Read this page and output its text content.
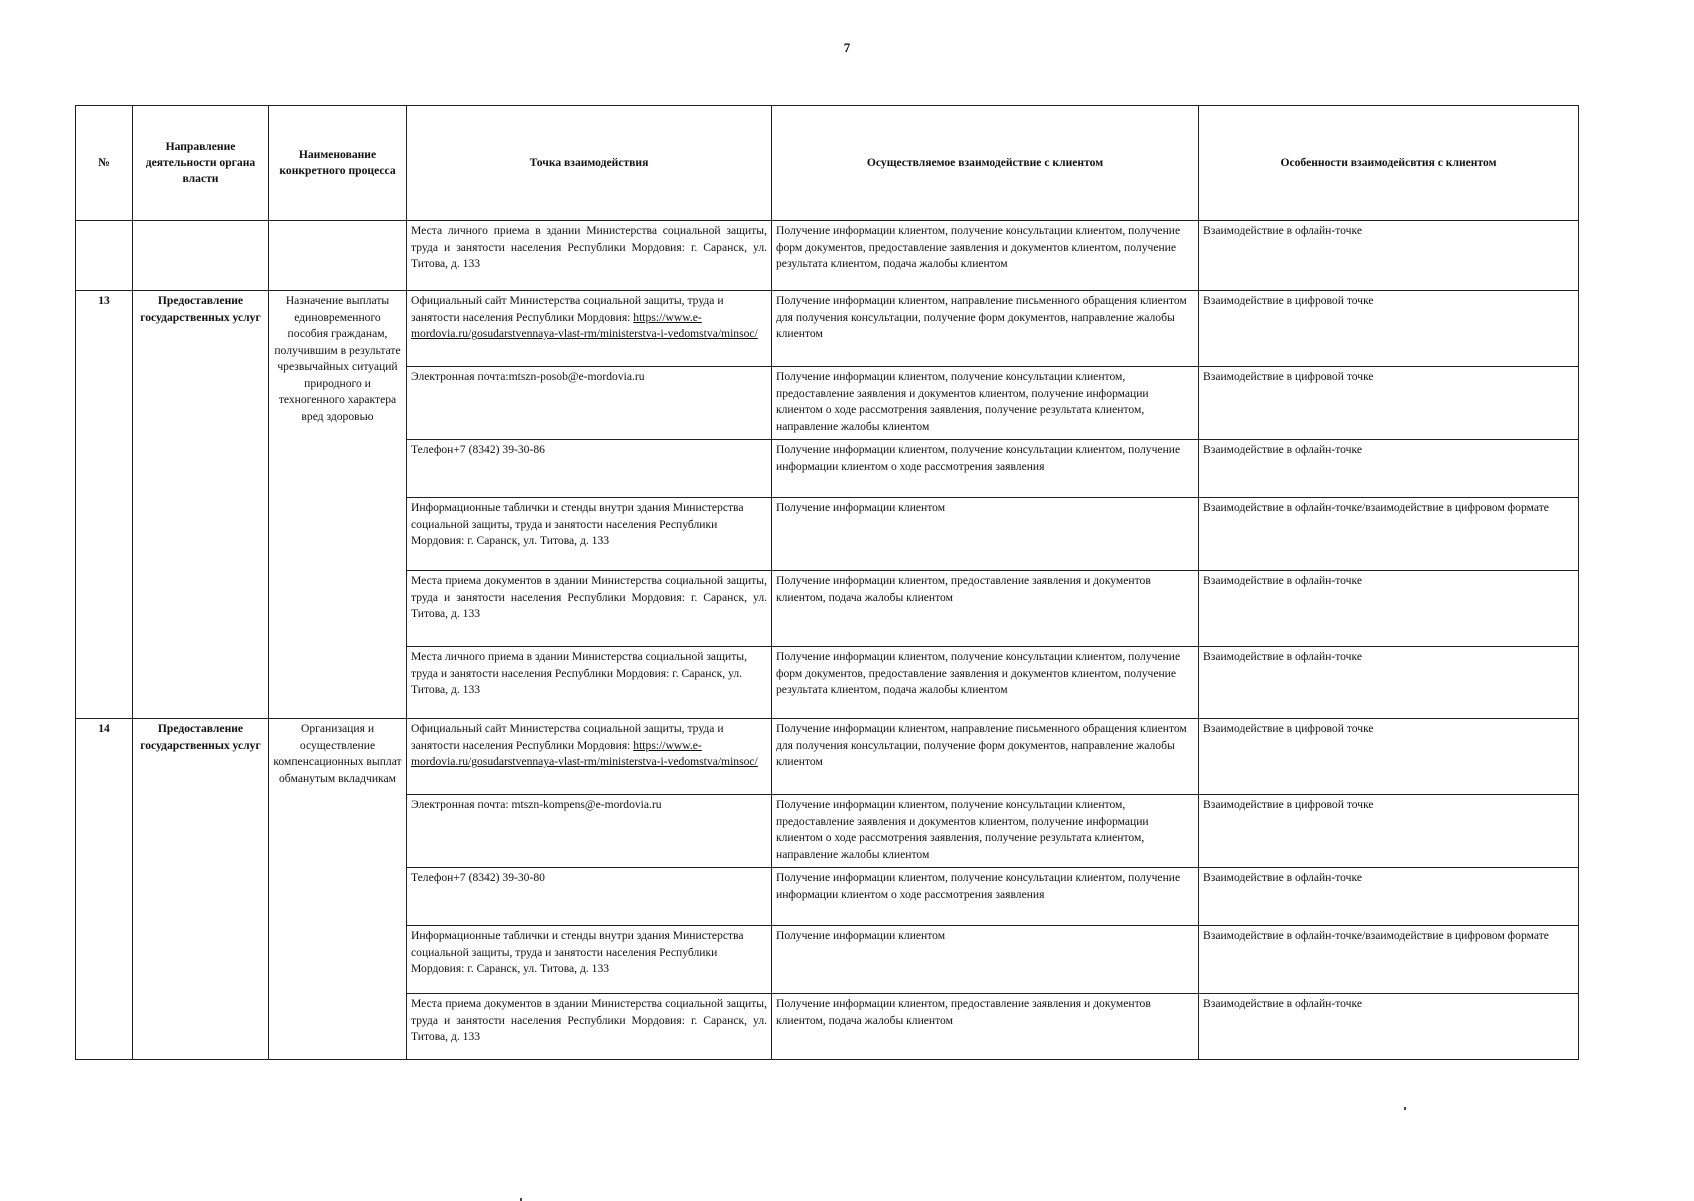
7
№	Направление деятельности органа власти	Наименование конкретного процесса	Точка взаимодействия	Осуществляемое взаимодействие с клиентом	Особенности взаимодейсвтия с клиентом
			Места личного приема в здании Министерства социальной защиты, труда и занятости населения Республики Мордовия: г. Саранск, ул. Титова, д. 133	Получение информации клиентом, получение консультации клиентом, получение форм документов, предоставление заявления и документов клиентом, получение результата клиентом, подача жалобы клиентом	Взаимодействие в офлайн-точке
13	Предоставление государственных услуг	Назначение выплаты единовременного пособия гражданам, получившим в результате чрезвычайных ситуаций природного и техногенного характера вред здоровью	Официальный сайт Министерства социальной защиты, труда и занятости населения Республики Мордовия: https://www.e-mordovia.ru/gosudarstvennaya-vlast-rm/ministerstva-i-vedomstva/minsoc/	Получение информации клиентом, направление письменного обращения клиентом для получения консультации, получение форм документов, направление жалобы клиентом	Взаимодействие в цифровой точке
			Электронная почта:mtszn-posob@e-mordovia.ru	Получение информации клиентом, получение консультации клиентом, предоставление заявления и документов клиентом, получение информации клиентом о ходе рассмотрения заявления, получение результата клиентом, направление жалобы клиентом	Взаимодействие в цифровой точке
			Телефон+7 (8342) 39-30-86	Получение информации клиентом, получение консультации клиентом, получение информации клиентом о ходе рассмотрения заявления	Взаимодействие в офлайн-точке
			Информационные таблички и стенды внутри здания Министерства социальной защиты, труда и занятости населения Республики Мордовия: г. Саранск, ул. Титова, д. 133	Получение информации клиентом	Взаимодействие в офлайн-точке/взаимодействие в цифровом формате
			Места приема документов в здании Министерства социальной защиты, труда и занятости населения Республики Мордовия: г. Саранск, ул. Титова, д. 133	Получение информации клиентом, предоставление заявления и документов клиентом, подача жалобы клиентом	Взаимодействие в офлайн-точке
			Места личного приема в здании Министерства социальной защиты, труда и занятости населения Республики Мордовия: г. Саранск, ул. Титова, д. 133	Получение информации клиентом, получение консультации клиентом, получение форм документов, предоставление заявления и документов клиентом, получение результата клиентом, подача жалобы клиентом	Взаимодействие в офлайн-точке
14	Предоставление государственных услуг	Организация и осуществление компенсационных выплат обманутым вкладчикам	Официальный сайт Министерства социальной защиты, труда и занятости населения Республики Мордовия: https://www.e-mordovia.ru/gosudarstvennaya-vlast-rm/ministerstva-i-vedomstva/minsoc/	Получение информации клиентом, направление письменного обращения клиентом для получения консультации, получение форм документов, направление жалобы клиентом	Взаимодействие в цифровой точке
			Электронная почта: mtszn-kompens@e-mordovia.ru	Получение информации клиентом, получение консультации клиентом, предоставление заявления и документов клиентом, получение информации клиентом о ходе рассмотрения заявления, получение результата клиентом, направление жалобы клиентом	Взаимодействие в цифровой точке
			Телефон+7 (8342) 39-30-80	Получение информации клиентом, получение консультации клиентом, получение информации клиентом о ходе рассмотрения заявления	Взаимодействие в офлайн-точке
			Информационные таблички и стенды внутри здания Министерства социальной защиты, труда и занятости населения Республики Мордовия: г. Саранск, ул. Титова, д. 133	Получение информации клиентом	Взаимодействие в офлайн-точке/взаимодействие в цифровом формате
			Места приема документов в здании Министерства социальной защиты, труда и занятости населения Республики Мордовия: г. Саранск, ул. Титова, д. 133	Получение информации клиентом, предоставление заявления и документов клиентом, подача жалобы клиентом	Взаимодействие в офлайн-точке
